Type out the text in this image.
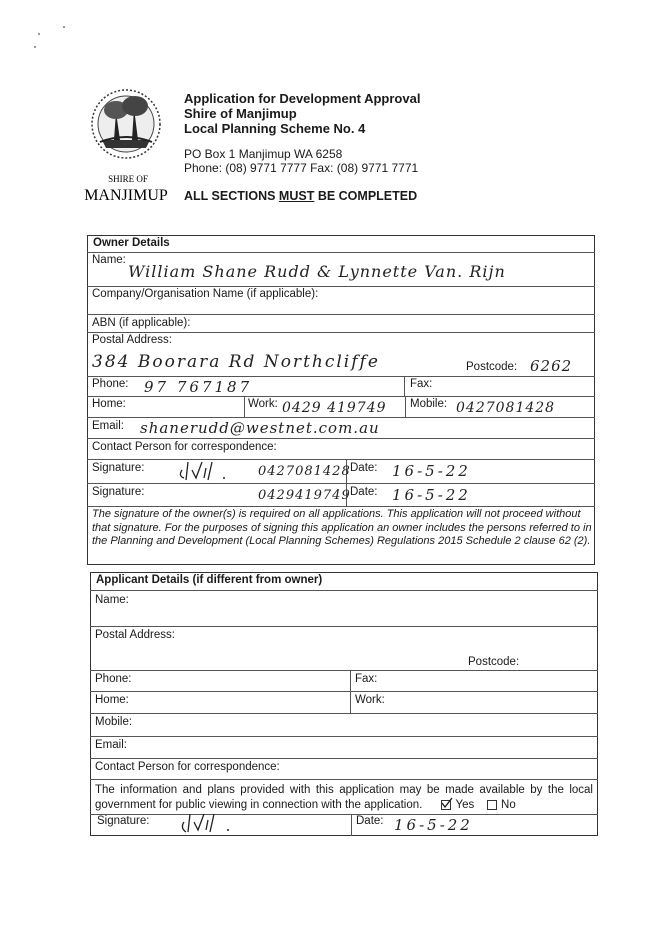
SHIRE OF
MANJIMUP
Application for Development Approval
Shire of Manjimup
Local Planning Scheme No. 4
PO Box 1 Manjimup WA 6258
Phone: (08) 9771 7777 Fax: (08) 9771 7771
ALL SECTIONS MUST BE COMPLETED
Owner Details
Name:
William Shane Rudd & Lynnette Van. Rijn
Company/Organisation Name (if applicable):
ABN (if applicable):
Postal Address:
384 Boorara Rd Northcliffe	Postcode: 6262
Phone: 97 767187	Fax:
Home:	Work: 0429 419749 Mobile: 0427081428
Email: shanerudd@westnet.com.au
Contact Person for correspondence:
Signature:	0427081428 Date: 16-5-22
Signature:	0429419749 Date: 16-5-22
The signature of the owner(s) is required on all applications. This application will not proceed without that signature. For the purposes of signing this application an owner includes the persons referred to in the Planning and Development (Local Planning Schemes) Regulations 2015 Schedule 2 clause 62 (2).
Applicant Details (if different from owner)
Name:
Postal Address:
Postcode:
Phone:	Fax:
Home:	Work:
Mobile:
Email:
Contact Person for correspondence:
The information and plans provided with this application may be made available by the local government for public viewing in connection with the application.	Yes No
Signature:	Date: 16-5-22
